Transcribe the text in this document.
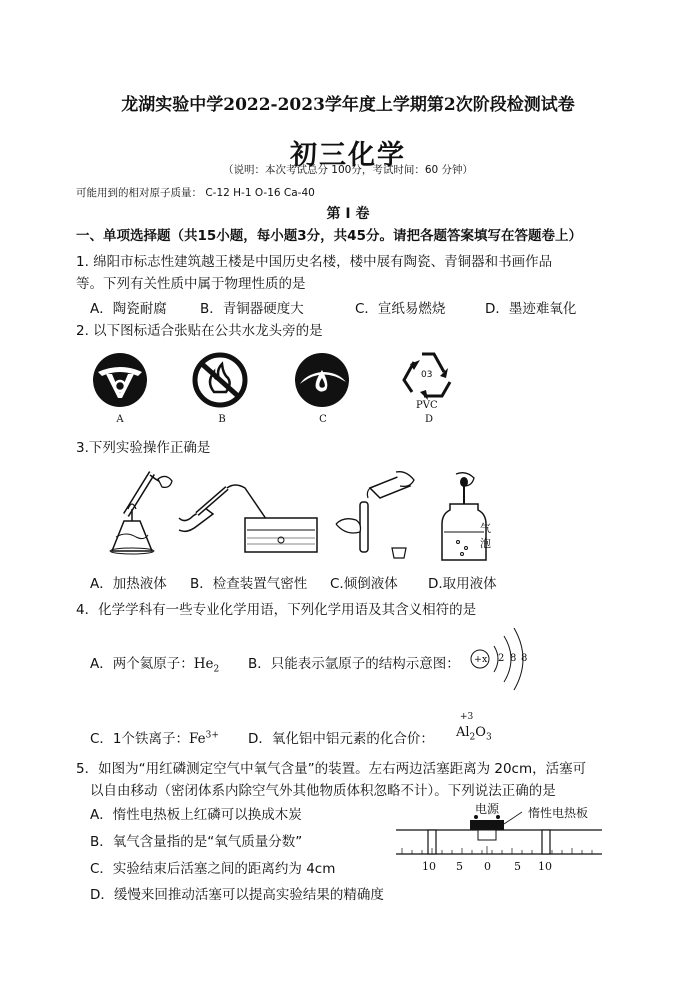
龙湖实验中学2022-2023学年度上学期第2次阶段检测试卷
初三化学
（说明：本次考试总分 100分，考试时间：60 分钟）
可能用到的相对原子质量： C-12 H-1 O-16 Ca-40
第 I 卷
一、单项选择题（共15小题，每小题3分，共45分。请把各题答案填写在答题卷上）
1. 绵阳市标志性建筑越王楼是中国历史名楼，楼中展有陶瓷、青铜器和书画作品
等。下列有关性质中属于物理性质的是
A．陶瓷耐腐 B．青铜器硬度大	C．宣纸易燃烧	D．墨迹难氧化
2. 以下图标适合张贴在公共水龙头旁的是
A	B	C
03
PVC
D
3.下列实验操作正确是
气
泡
A．加热液体 B．检查装置气密性 C.倾倒液体 D.取用液体
4．化学学科有一些专业化学用语，下列化学用语及其含义相符的是
A．两个氦原子：$He_2$ B．只能表示氩原子的结构示意图： +x 2 8 8
C．1个铁离子：$Fe^{3+}$ D．氧化铝中铝元素的化合价：
+3
$Al_2O_3$
5．如图为“用红磷测定空气中氧气含量”的装置。左右两边活塞距离为 20cm，活塞可
以自由移动（密闭体系内除空气外其他物质体积忽略不计）。下列说法正确的是
A．惰性电热板上红磷可以换成木炭
B．氧气含量指的是“氧气质量分数”
C．实验结束后活塞之间的距离约为 4cm
D．缓慢来回推动活塞可以提高实验结果的精确度
电源 惰性电热板
10 5 0 5 10
